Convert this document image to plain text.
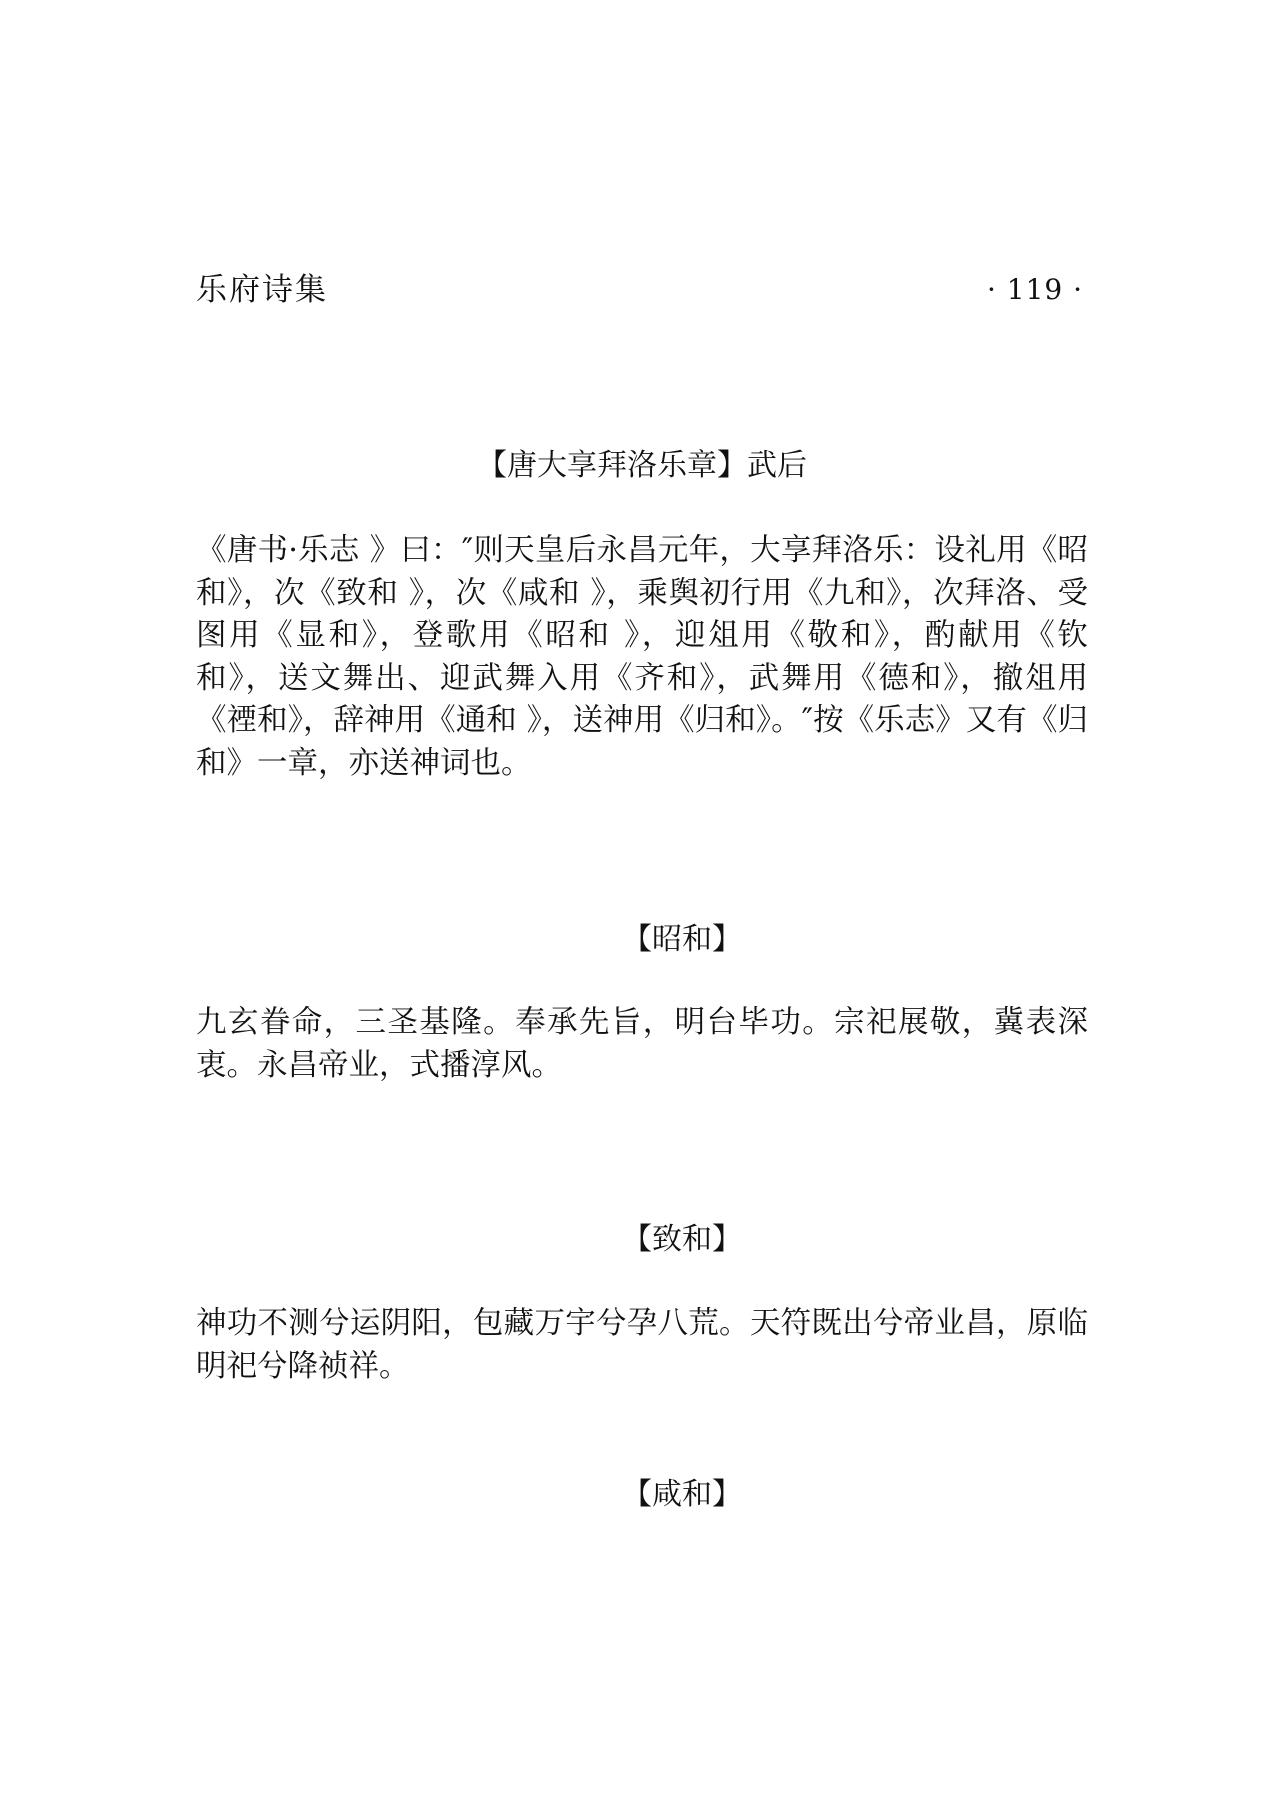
乐府诗集	· 119 ·
【唐大享拜洛乐章】武后
《唐书·乐志 》曰：″则天皇后永昌元年，大享拜洛乐：设礼用《昭和》，次《致和 》，次《咸和 》，乘舆初行用《九和》，次拜洛、受图用《显和》，登歌用《昭和 》，迎俎用《敬和》，酌献用《钦和》，送文舞出、迎武舞入用《齐和》，武舞用《德和》，撤俎用《禋和》，辞神用《通和 》，送神用《归和》。″按《乐志》又有《归和》一章，亦送神词也。
【昭和】
九玄眷命，三圣基隆。奉承先旨，明台毕功。宗祀展敬，冀表深衷。永昌帝业，式播淳风。
【致和】
神功不测兮运阴阳，包藏万宇兮孕八荒。天符既出兮帝业昌，原临明祀兮降祯祥。
【咸和】
